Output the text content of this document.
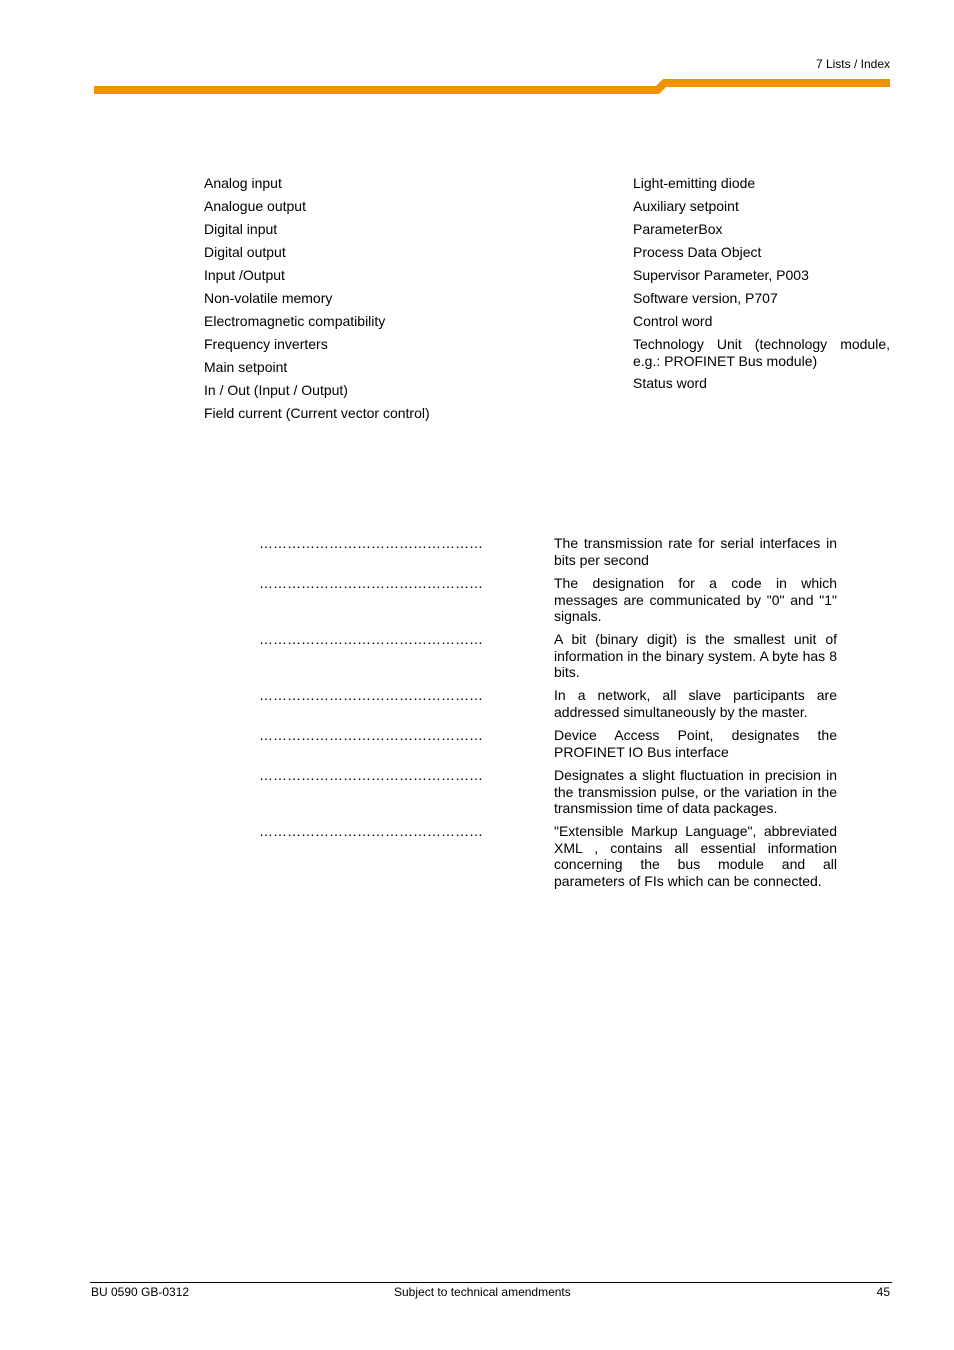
7 Lists / Index
Analog input
Analogue output
Digital input
Digital output
Input /Output
Non-volatile memory
Electromagnetic compatibility
Frequency inverters
Main setpoint
In / Out (Input / Output)
Field current (Current vector control)
Light-emitting diode
Auxiliary setpoint
ParameterBox
Process Data Object
Supervisor Parameter, P003
Software version, P707
Control word
Technology Unit (technology module, e.g.: PROFINET Bus module)
Status word
…………………………………………	The transmission rate for serial interfaces in bits per second
…………………………………………	The designation for a code in which messages are communicated by "0" and "1" signals.
…………………………………………	A bit (binary digit) is the smallest unit of information in the binary system. A byte has 8 bits.
…………………………………………	In a network, all slave participants are addressed simultaneously by the master.
…………………………………………	Device Access Point, designates the PROFINET IO Bus interface
…………………………………………	Designates a slight fluctuation in precision in the transmission pulse, or the variation in the transmission time of data packages.
…………………………………………	"Extensible Markup Language", abbreviated XML , contains all essential information concerning the bus module and all parameters of FIs which can be connected.
BU 0590 GB-0312	Subject to technical amendments	45
